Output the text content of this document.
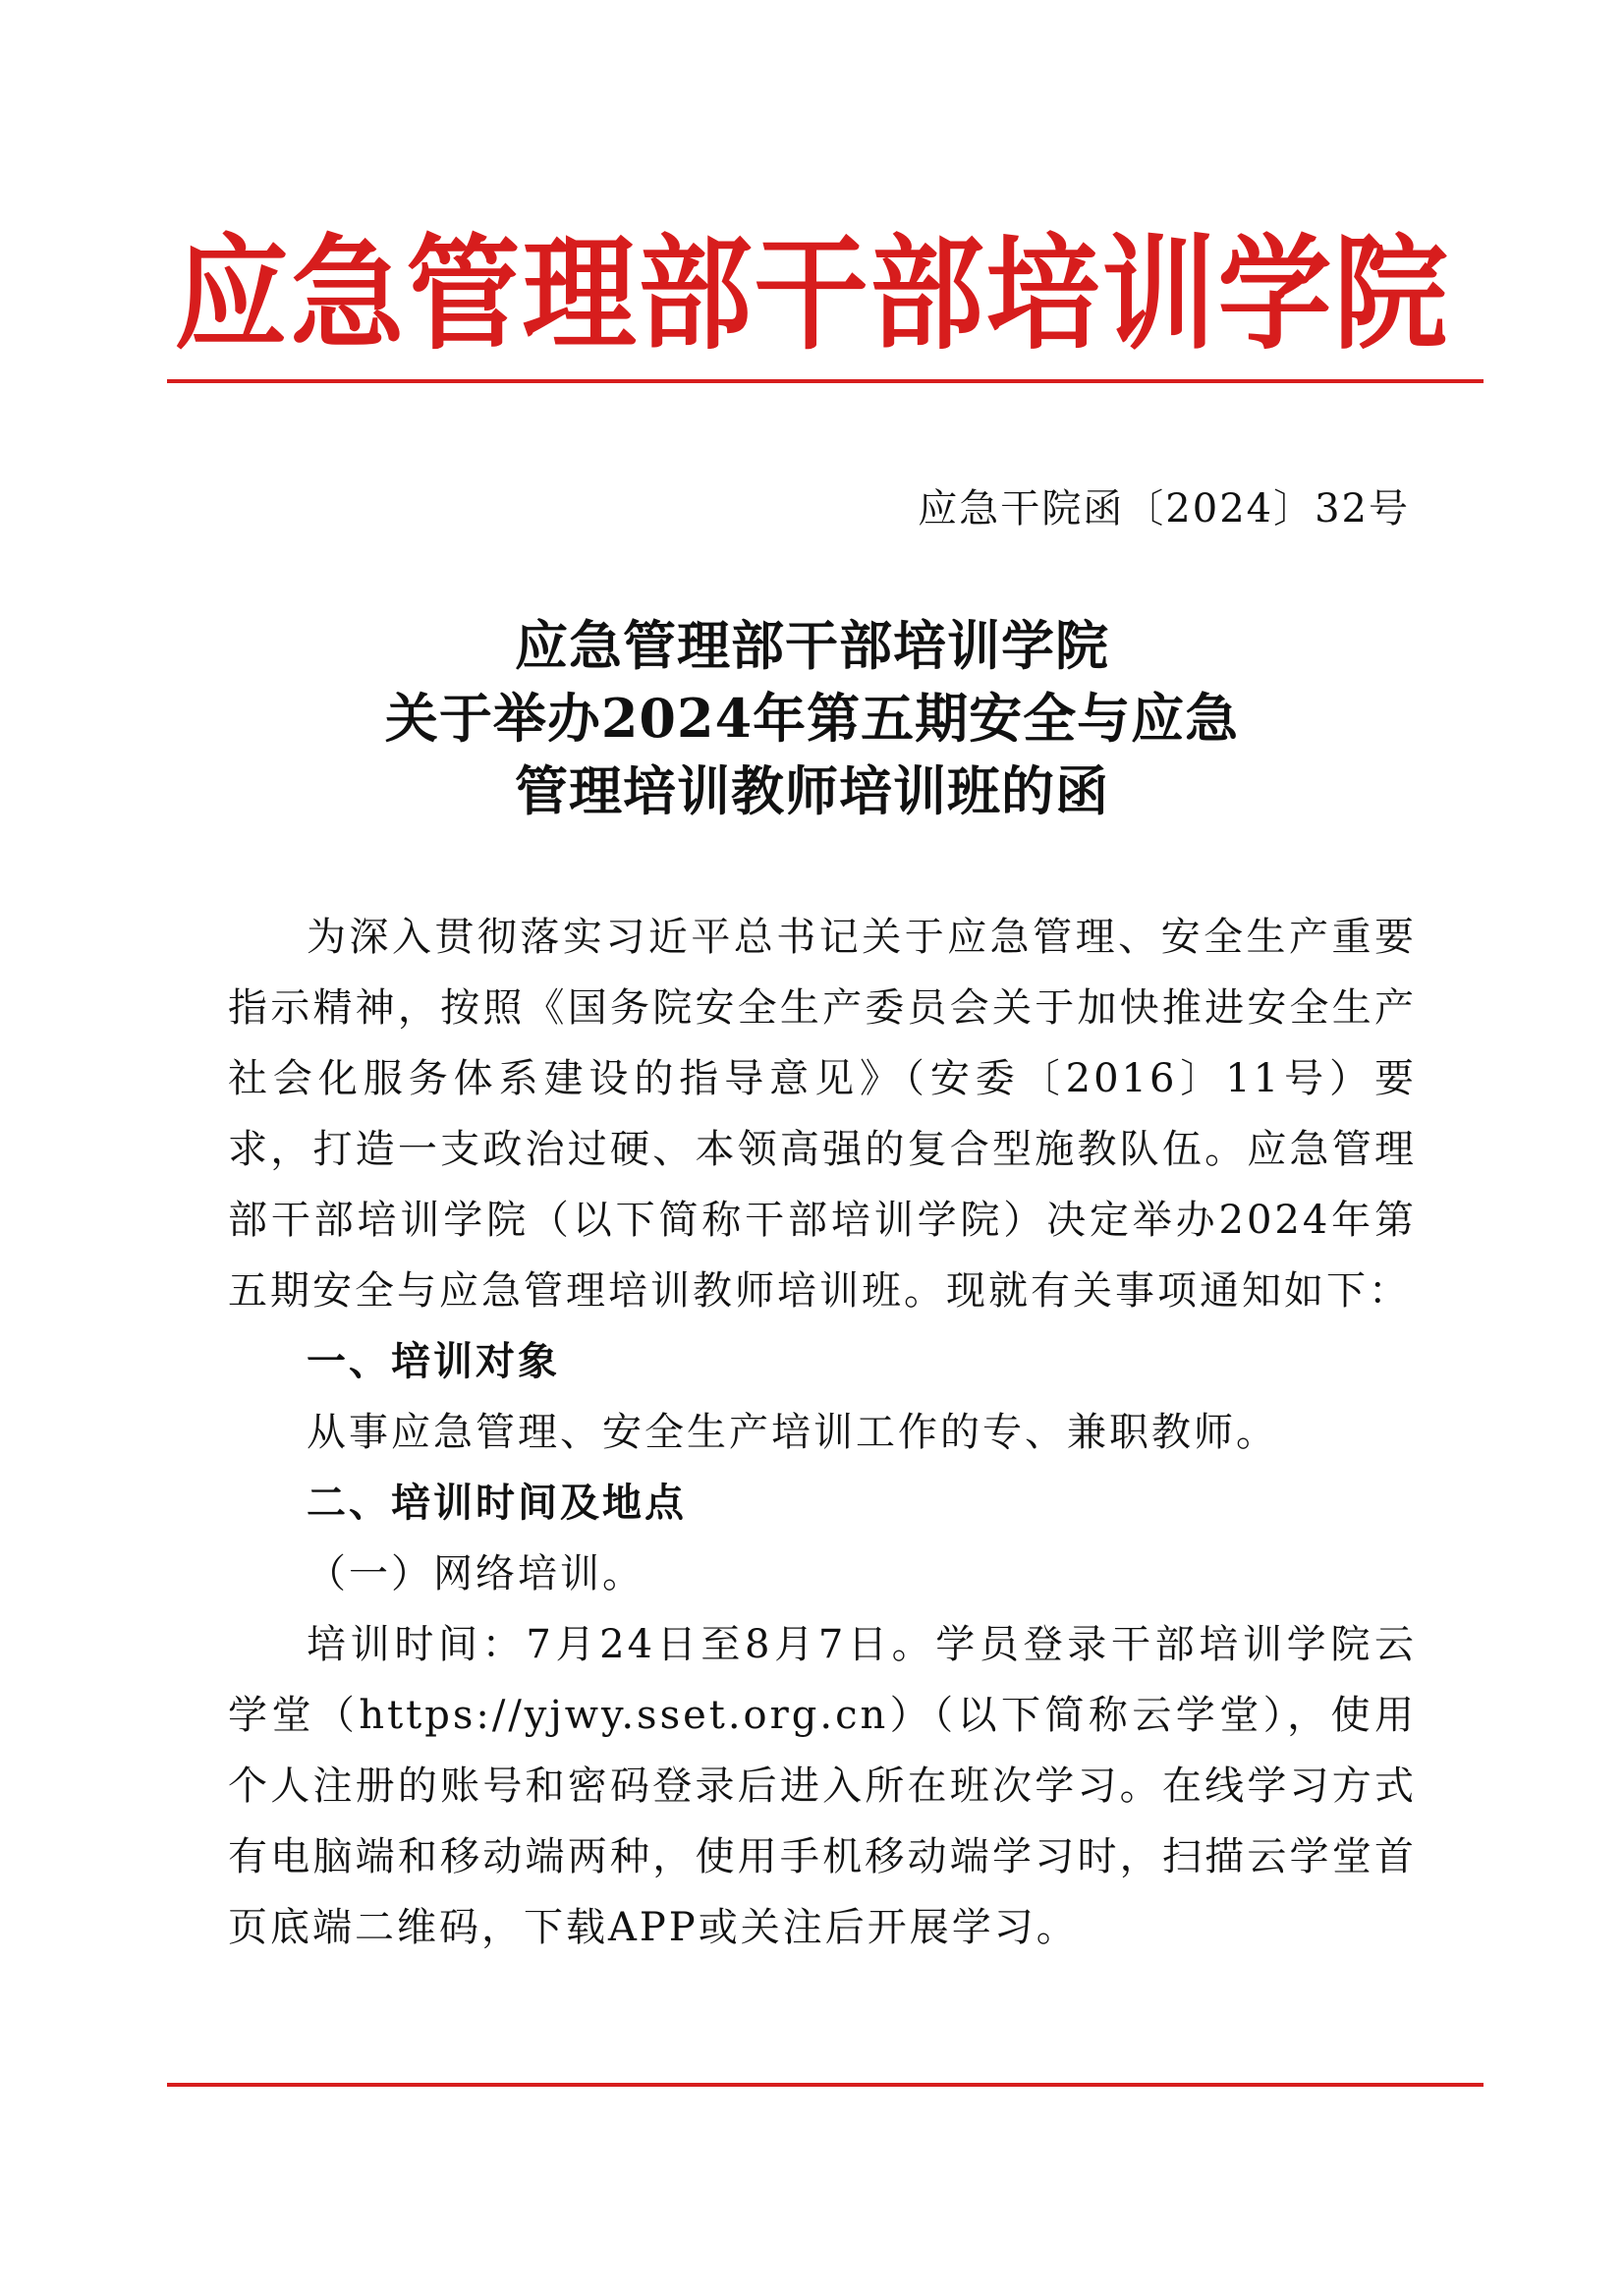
应急管理部干部培训学院
应急干院函〔2024〕32号
应急管理部干部培训学院
关于举办2024年第五期安全与应急
管理培训教师培训班的函

为深入贯彻落实习近平总书记关于应急管理、安全生产重要指示精神，按照《国务院安全生产委员会关于加快推进安全生产社会化服务体系建设的指导意见》（安委〔2016〕11号）要求，打造一支政治过硬、本领高强的复合型施教队伍。应急管理部干部培训学院（以下简称干部培训学院）决定举办2024年第五期安全与应急管理培训教师培训班。现就有关事项通知如下：

一、培训对象

从事应急管理、安全生产培训工作的专、兼职教师。

二、培训时间及地点

（一）网络培训。

培训时间：7月24日至8月7日。学员登录干部培训学院云学堂（https://yjwy.sset.org.cn）（以下简称云学堂），使用个人注册的账号和密码登录后进入所在班次学习。在线学习方式有电脑端和移动端两种，使用手机移动端学习时，扫描云学堂首页底端二维码，下载APP或关注后开展学习。
